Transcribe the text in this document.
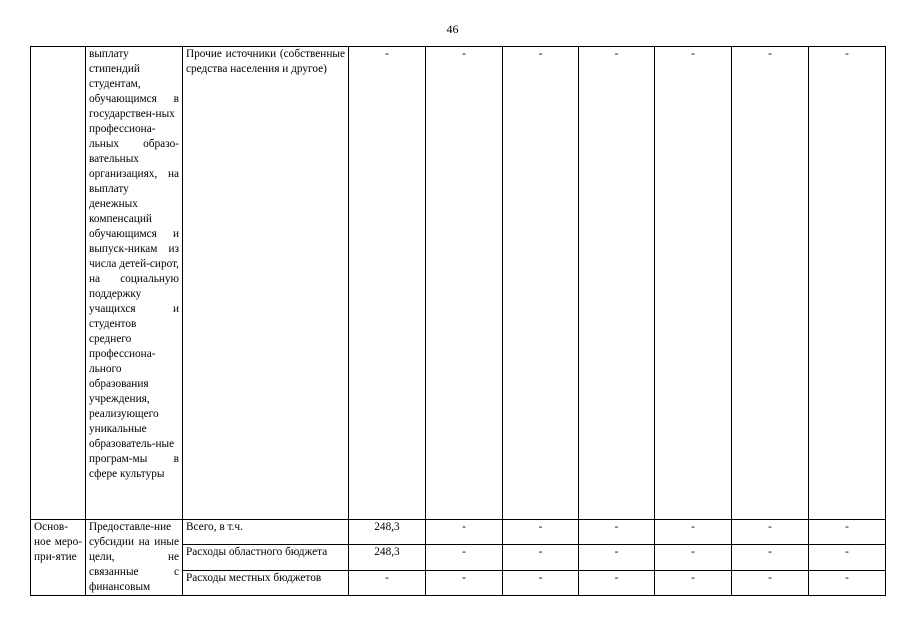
46
	выплату стипендий студентам, обучающимся в государствен-ных профессиона-льных образо-вательных организациях, на выплату денежных компенсаций обучающимся и выпуск-никам из числа детей-сирот, на социальную поддержку учащихся и студентов среднего профессиона-льного образования учреждения, реализующего уникальные образователь-ные програм-мы в сфере культуры	Прочие источники (собственные средства населения и другое)	-	-	-	-	-	-	-
Основ-ное меро-при-ятие	Предоставле-ние субсидии на иные цели, не связанные с финансовым	Всего, в т.ч.	248,3	-	-	-	-	-	-
		Расходы областного бюджета	248,3	-	-	-	-	-	-
		Расходы местных бюджетов	-	-	-	-	-	-	-
